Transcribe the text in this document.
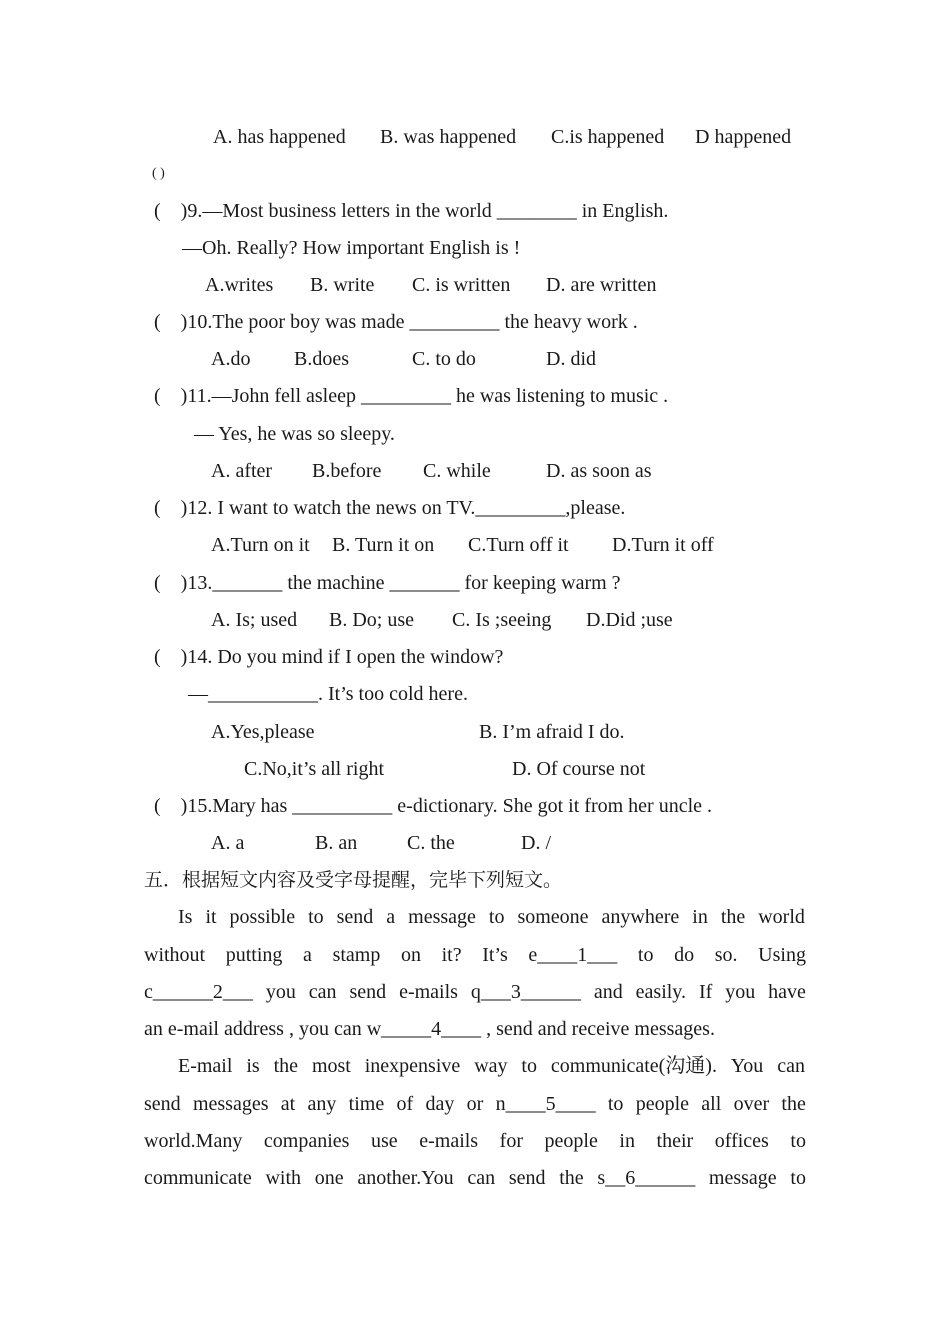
A. has happened B. was happened C.is happened D happened
( )
(    )9.—Most business letters in the world ________ in English.
—Oh. Really? How important English is !
A.writes B. write C. is written D. are written
(    )10.The poor boy was made _________ the heavy work .
A.do B.does	C. to do	D. did
(    )11.—John fell asleep _________ he was listening to music .
— Yes, he was so sleepy.
A. after B.before C. while	D. as soon as
(    )12. I want to watch the news on TV._________,please.
A.Turn on it B. Turn it on C.Turn off it D.Turn it off
(    )13._______ the machine _______ for keeping warm ?
A. Is; used B. Do; use C. Is ;seeing D.Did ;use
(    )14. Do you mind if I open the window?
—___________. It’s too cold here.
A.Yes,please	B. I’m afraid I do.
C.No,it’s all right	D. Of course not
(    )15.Mary has __________ e-dictionary. She got it from her uncle .
A. a	B. an C. the	D. /
五．根据短文内容及受字母提醒，完毕下列短文。
Is it possible to send a message to someone anywhere in the world
without putting a stamp on it? It’s e____1___ to do so. Using
c______2___ you can send e-mails q___3______ and easily. If you have
an e-mail address , you can w_____4____ , send and receive messages.
E-mail is the most inexpensive way to communicate(沟通). You can
send messages at any time of day or n____5____ to people all over the
world.Many companies use e-mails for people in their offices to
communicate with one another.You can send the s__6______ message to
